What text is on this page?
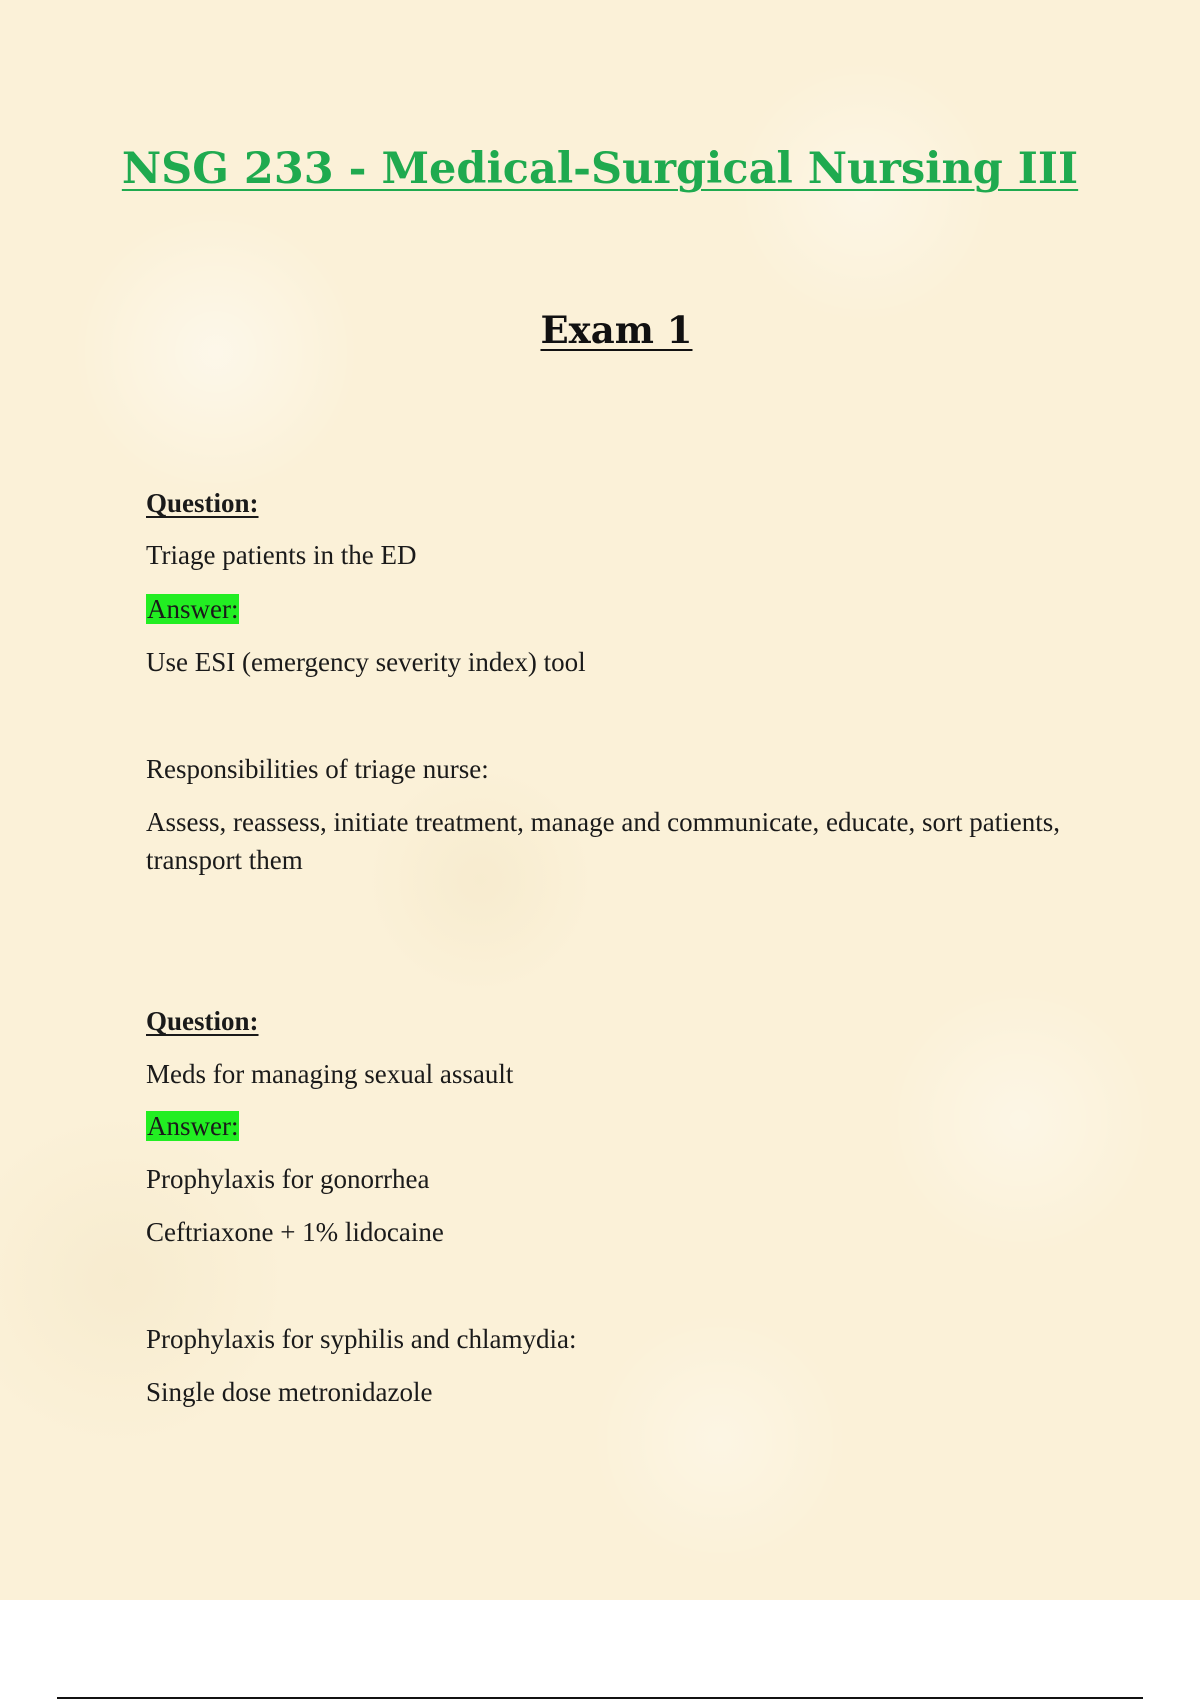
NSG 233 - Medical-Surgical Nursing III
Exam 1

Question:

Triage patients in the ED

Answer:

Use ESI (emergency severity index) tool

Responsibilities of triage nurse:

Assess, reassess, initiate treatment, manage and communicate, educate, sort patients, transport them

Question:

Meds for managing sexual assault

Answer:

Prophylaxis for gonorrhea

Ceftriaxone + 1% lidocaine

Prophylaxis for syphilis and chlamydia:

Single dose metronidazole
